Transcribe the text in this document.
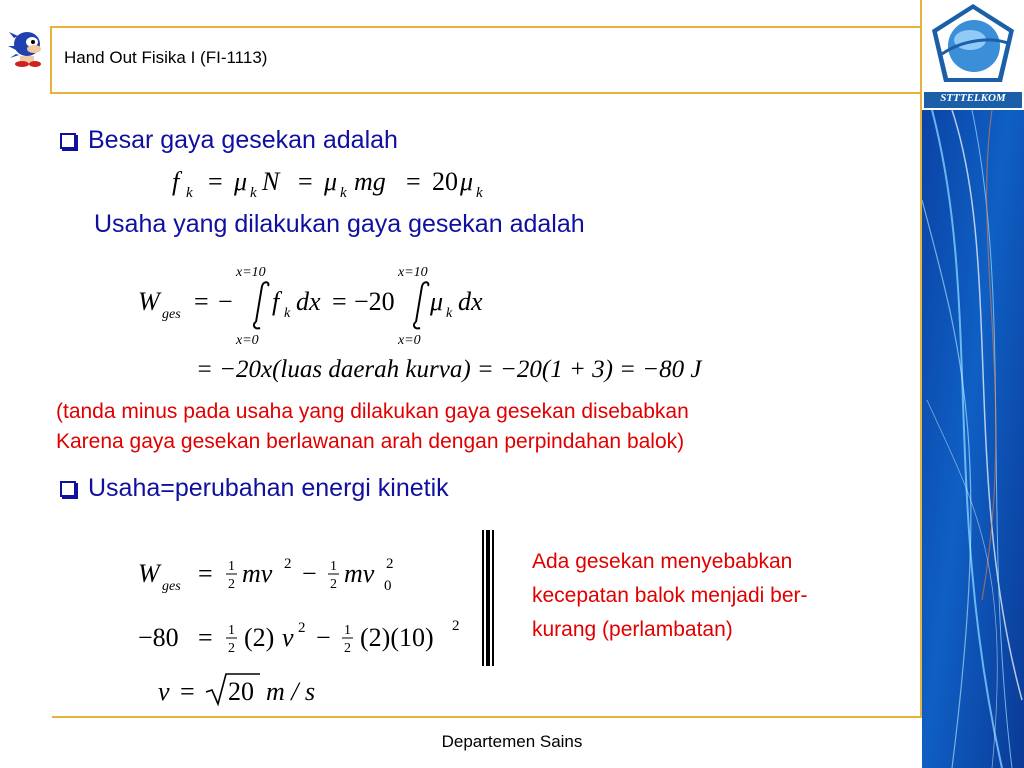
Hand Out Fisika I (FI-1113)
STTTELKOM
Besar gaya gesekan adalah
f k = μ k N = μ k mg = 20 μ k
Usaha yang dilakukan gaya gesekan adalah
W ges = −
x=10
x=0
f k dx = −20
x=10
x=0
μ k dx
= −20x(luas daerah kurva) = −20(1 + 3) = −80 J
(tanda minus pada usaha yang dilakukan gaya gesekan disebabkan
Karena gaya gesekan berlawanan arah dengan perpindahan balok)
Usaha=perubahan energi kinetik
W ges = 1
2 mv 2 − 1
2 mv 2
0
−80 = 1
2 (2) v 2 − 1
2 (2)(10) 2
v = 20 m / s
Ada gesekan menyebabkan
kecepatan balok menjadi ber-
kurang (perlambatan)
Departemen Sains
